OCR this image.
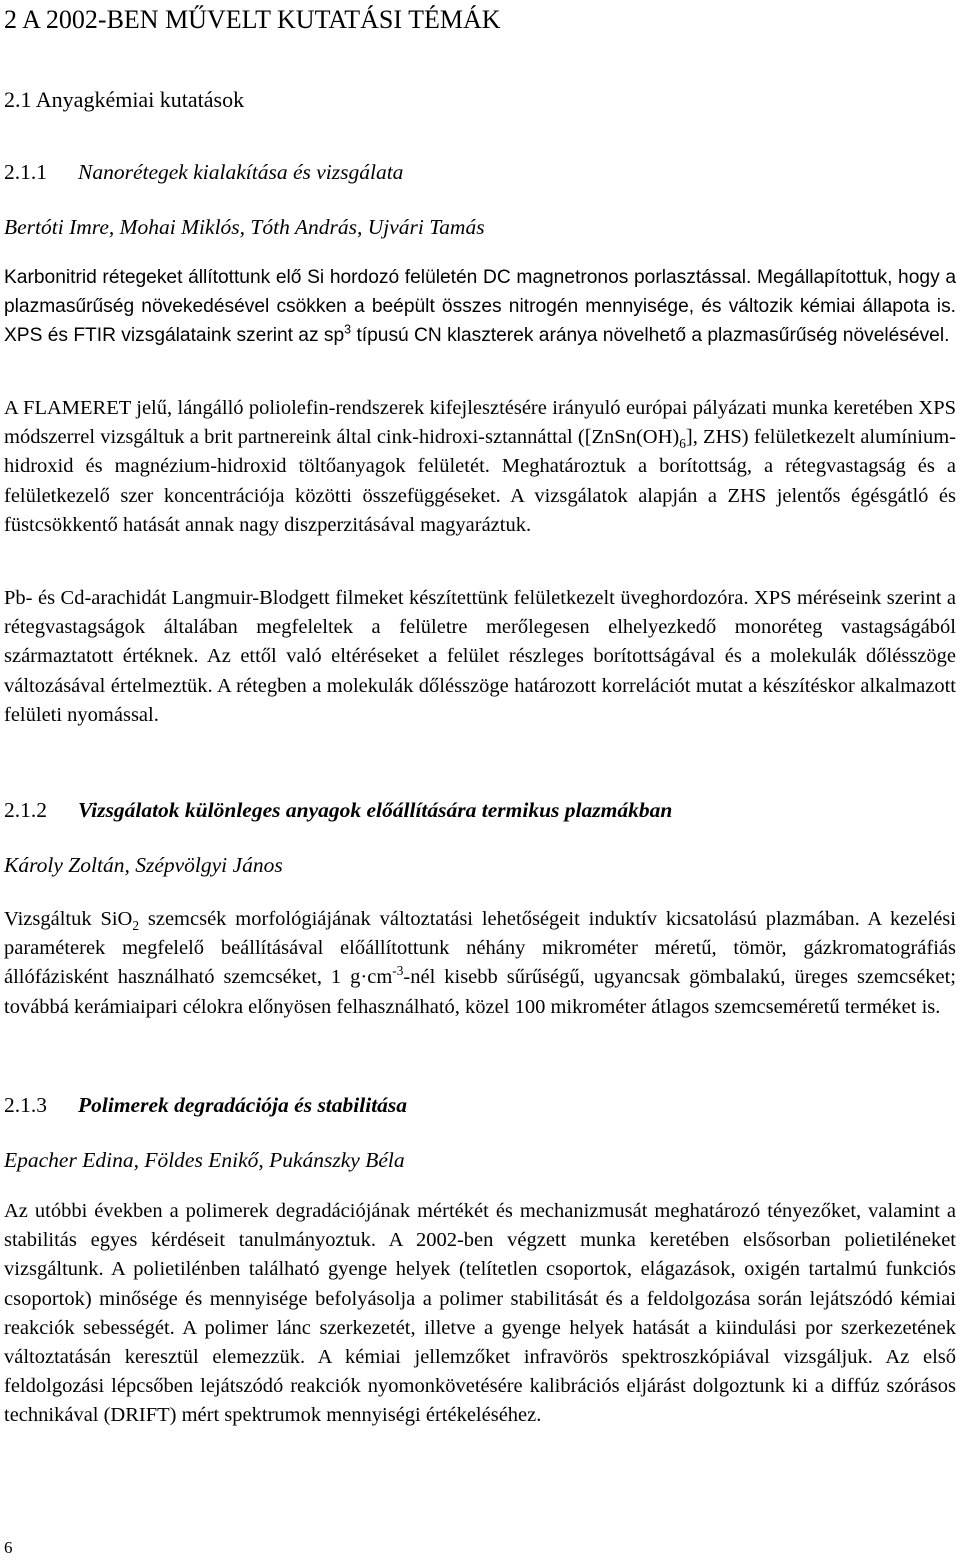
2 A 2002-BEN MŰVELT KUTATÁSI TÉMÁK
2.1 Anyagkémiai kutatások
2.1.1 Nanorétegek kialakítása és vizsgálata
Bertóti Imre, Mohai Miklós, Tóth András, Ujvári Tamás

Karbonitrid rétegeket állítottunk elő Si hordozó felületén DC magnetronos porlasztással. Megállapítottuk, hogy a plazmasűrűség növekedésével csökken a beépült összes nitrogén mennyisége, és változik kémiai állapota is. XPS és FTIR vizsgálataink szerint az $sp^3$ típusú CN klaszterek aránya növelhető a plazmasűrűség növelésével.

A FLAMERET jelű, lángálló poliolefin-rendszerek kifejlesztésére irányuló európai pályázati munka keretében XPS módszerrel vizsgáltuk a brit partnereink által cink-hidroxi-sztannáttal ($[ZnSn(OH)_6]$, ZHS) felületkezelt alumínium-hidroxid és magnézium-hidroxid töltőanyagok felületét. Meghatároztuk a borítottság, a rétegvastagság és a felületkezelő szer koncentrációja közötti összefüggéseket. A vizsgálatok alapján a ZHS jelentős égésgátló és füstcsökkentő hatását annak nagy diszperzitásával magyaráztuk.

Pb- és Cd-arachidát Langmuir-Blodgett filmeket készítettünk felületkezelt üveghordozóra. XPS méréseink szerint a rétegvastagságok általában megfeleltek a felületre merőlegesen elhelyezkedő monoréteg vastagságából származtatott értéknek. Az ettől való eltéréseket a felület részleges borítottságával és a molekulák dőlésszöge változásával értelmeztük. A rétegben a molekulák dőlésszöge határozott korrelációt mutat a készítéskor alkalmazott felületi nyomással.

2.1.2 Vizsgálatok különleges anyagok előállítására termikus plazmákban
Károly Zoltán, Szépvölgyi János

Vizsgáltuk SiO$_2$ szemcsék morfológiájának változtatási lehetőségeit induktív kicsatolású plazmában. A kezelési paraméterek megfelelő beállításával előállítottunk néhány mikrométer méretű, tömör, gázkromatográfiás állófázisként használható szemcséket, 1 $g\cdot cm^{-3}$-nél kisebb sűrűségű, ugyancsak gömbalakú, üreges szemcséket; továbbá kerámiaipari célokra előnyösen felhasználható, közel 100 mikrométer átlagos szemcseméretű terméket is.

2.1.3 Polimerek degradációja és stabilitása
Epacher Edina, Földes Enikő, Pukánszky Béla

Az utóbbi években a polimerek degradációjának mértékét és mechanizmusát meghatározó tényezőket, valamint a stabilitás egyes kérdéseit tanulmányoztuk. A 2002-ben végzett munka keretében elsősorban polietiléneket vizsgáltunk. A polietilénben található gyenge helyek (telítetlen csoportok, elágazások, oxigén tartalmú funkciós csoportok) minősége és mennyisége befolyásolja a polimer stabilitását és a feldolgozása során lejátszódó kémiai reakciók sebességét. A polimer lánc szerkezetét, illetve a gyenge helyek hatását a kiindulási por szerkezetének változtatásán keresztül elemezzük. A kémiai jellemzőket infravörös spektroszkópiával vizsgáljuk. Az első feldolgozási lépcsőben lejátszódó reakciók nyomonkövetésére kalibrációs eljárást dolgoztunk ki a diffúz szórásos technikával (DRIFT) mért spektrumok mennyiségi értékeléséhez.

6
